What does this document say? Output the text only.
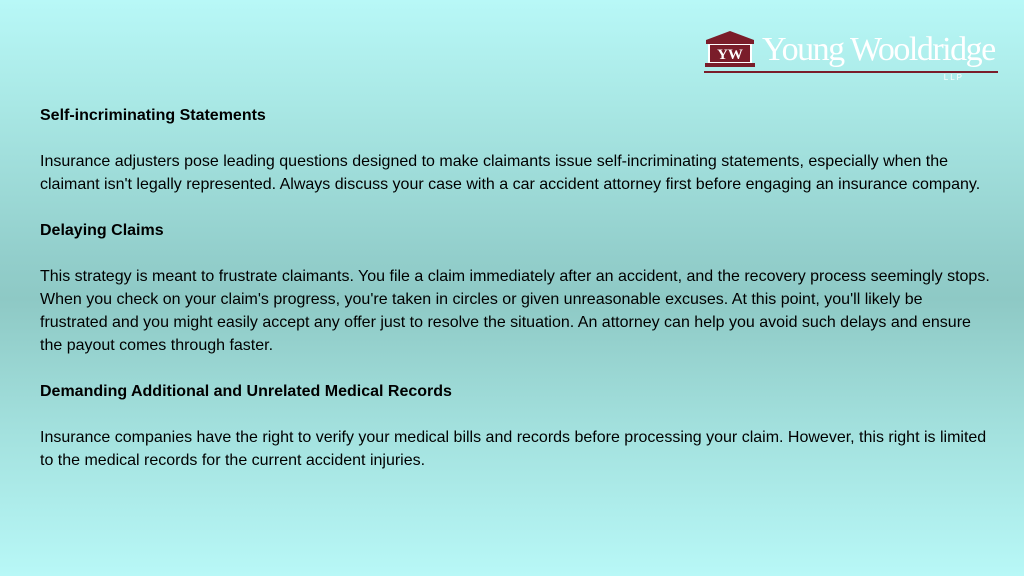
YW Young Wooldridge
LLP

Self-incriminating Statements

Insurance adjusters pose leading questions designed to make claimants issue self-incriminating statements, especially when the claimant isn't legally represented. Always discuss your case with a car accident attorney first before engaging an insurance company.

Delaying Claims

This strategy is meant to frustrate claimants. You file a claim immediately after an accident, and the recovery process seemingly stops. When you check on your claim's progress, you're taken in circles or given unreasonable excuses. At this point, you'll likely be frustrated and you might easily accept any offer just to resolve the situation. An attorney can help you avoid such delays and ensure the payout comes through faster.

Demanding Additional and Unrelated Medical Records

Insurance companies have the right to verify your medical bills and records before processing your claim. However, this right is limited to the medical records for the current accident injuries.
